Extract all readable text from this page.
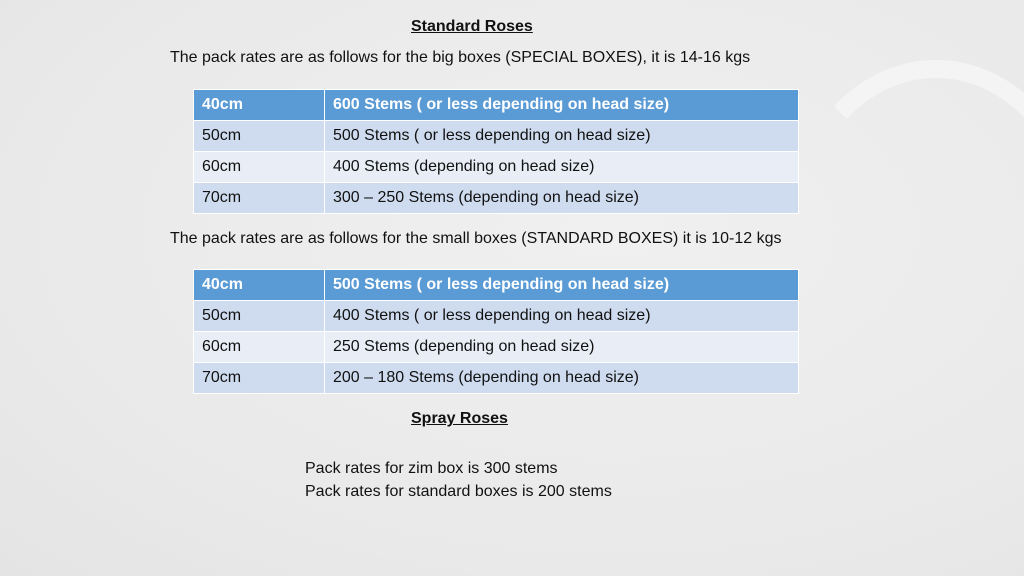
Standard Roses
The pack rates are as follows for the big boxes (SPECIAL BOXES), it is 14-16 kgs
40cm	600 Stems ( or less depending on head size)
50cm	500 Stems ( or less depending on head size)
60cm	400 Stems (depending on head size)
70cm	300 – 250 Stems (depending on head size)
The pack rates are as follows for the small boxes (STANDARD BOXES) it is 10-12 kgs
40cm	500 Stems ( or less depending on head size)
50cm	400 Stems ( or less depending on head size)
60cm	250 Stems (depending on head size)
70cm	200 – 180 Stems (depending on head size)
Spray Roses
Pack rates for zim box is 300 stems
Pack rates for standard boxes is 200 stems
